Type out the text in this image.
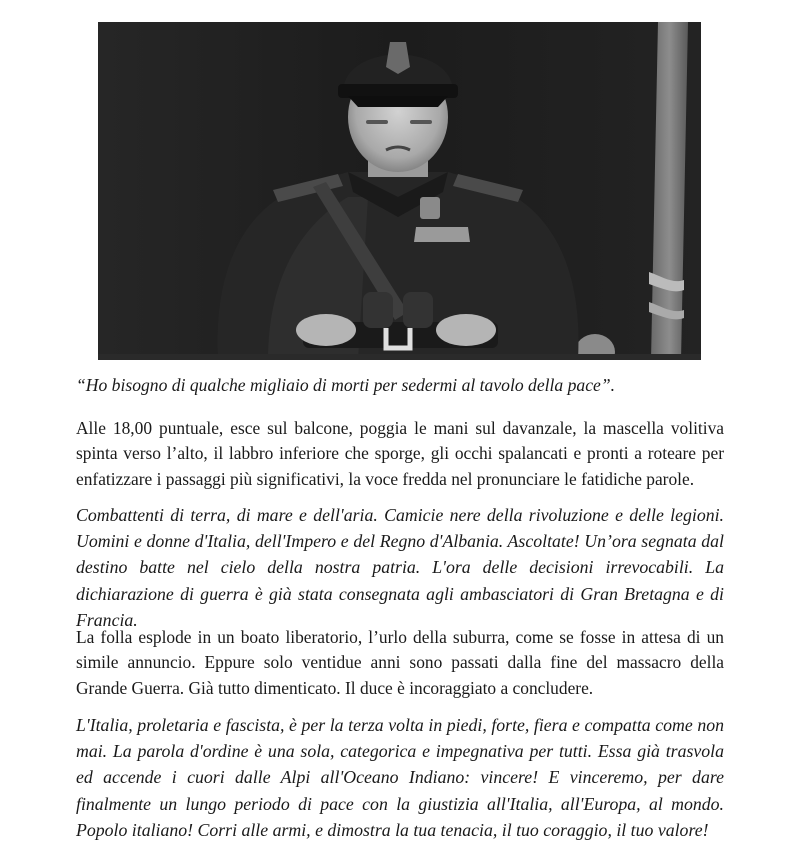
“Ho bisogno di qualche migliaio di morti per sedermi al tavolo della pace”.

Alle 18,00 puntuale, esce sul balcone, poggia le mani sul davanzale, la mascella volitiva spinta verso l’alto, il labbro inferiore che sporge, gli occhi spalancati e pronti a roteare per enfatizzare i passaggi più significativi, la voce fredda nel pronunciare le fatidiche parole.

Combattenti di terra, di mare e dell'aria. Camicie nere della rivoluzione e delle legioni. Uomini e donne d'Italia, dell'Impero e del Regno d'Albania. Ascoltate! Un’ora segnata dal destino batte nel cielo della nostra patria. L'ora delle decisioni irrevocabili. La dichiarazione di guerra è già stata consegnata agli ambasciatori di Gran Bretagna e di Francia.

La folla esplode in un boato liberatorio, l’urlo della suburra, come se fosse in attesa di un simile annuncio. Eppure solo ventidue anni sono passati dalla fine del massacro della Grande Guerra. Già tutto dimenticato. Il duce è incoraggiato a concludere.

L'Italia, proletaria e fascista, è per la terza volta in piedi, forte, fiera e compatta come non mai. La parola d'ordine è una sola, categorica e impegnativa per tutti. Essa già trasvola ed accende i cuori dalle Alpi all'Oceano Indiano: vincere! E vinceremo, per dare finalmente un lungo periodo di pace con la giustizia all'Italia, all'Europa, al mondo. Popolo italiano! Corri alle armi, e dimostra la tua tenacia, il tuo coraggio, il tuo valore!
